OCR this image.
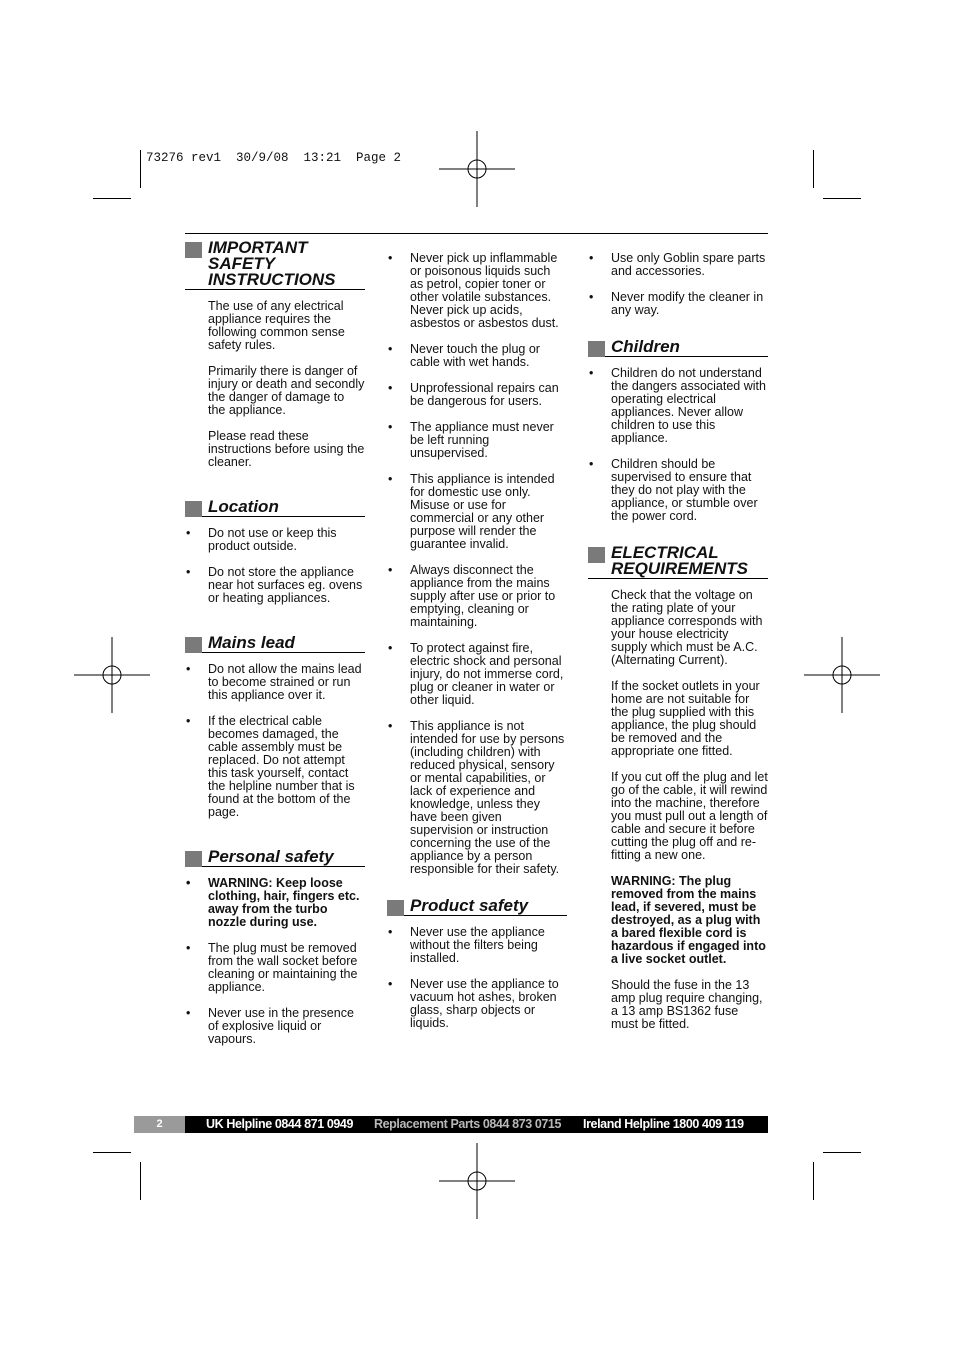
73276 rev1  30/9/08  13:21  Page 2
IMPORTANT SAFETY INSTRUCTIONS

The use of any electrical appliance requires the following common sense safety rules.

Primarily there is danger of injury or death and secondly the danger of damage to the appliance.

Please read these instructions before using the cleaner.

Location
• Do not use or keep this product outside.
• Do not store the appliance near hot surfaces eg. ovens or heating appliances.
Mains lead
• Do not allow the mains lead to become strained or run this appliance over it.
• If the electrical cable becomes damaged, the cable assembly must be replaced. Do not attempt this task yourself, contact the helpline number that is found at the bottom of the page.
Personal safety
• WARNING: Keep loose clothing, hair, fingers etc. away from the turbo nozzle during use.
• The plug must be removed from the wall socket before cleaning or maintaining the appliance.
• Never use in the presence of explosive liquid or vapours.
• Never pick up inflammable or poisonous liquids such as petrol, copier toner or other volatile substances. Never pick up acids, asbestos or asbestos dust.
• Never touch the plug or cable with wet hands.
• Unprofessional repairs can be dangerous for users.
• The appliance must never be left running unsupervised.
• This appliance is intended for domestic use only. Misuse or use for commercial or any other purpose will render the guarantee invalid.
• Always disconnect the appliance from the mains supply after use or prior to emptying, cleaning or maintaining.
• To protect against fire, electric shock and personal injury, do not immerse cord, plug or cleaner in water or other liquid.
• This appliance is not intended for use by persons (including children) with reduced physical, sensory or mental capabilities, or lack of experience and knowledge, unless they have been given supervision or instruction concerning the use of the appliance by a person responsible for their safety.
Product safety
• Never use the appliance without the filters being installed.
• Never use the appliance to vacuum hot ashes, broken glass, sharp objects or liquids.
• Use only Goblin spare parts and accessories.
• Never modify the cleaner in any way.
Children
• Children do not understand the dangers associated with operating electrical appliances. Never allow children to use this appliance.
• Children should be supervised to ensure that they do not play with the appliance, or stumble over the power cord.
ELECTRICAL REQUIREMENTS

Check that the voltage on the rating plate of your appliance corresponds with your house electricity supply which must be A.C. (Alternating Current).

If the socket outlets in your home are not suitable for the plug supplied with this appliance, the plug should be removed and the appropriate one fitted.

If you cut off the plug and let go of the cable, it will rewind into the machine, therefore you must pull out a length of cable and secure it before cutting the plug off and re-fitting a new one.

WARNING: The plug removed from the mains lead, if severed, must be destroyed, as a plug with a bared flexible cord is hazardous if engaged into a live socket outlet.

Should the fuse in the 13 amp plug require changing, a 13 amp BS1362 fuse must be fitted.

2	UK Helpline 0844 871 0949 Replacement Parts 0844 873 0715 Ireland Helpline 1800 409 119
